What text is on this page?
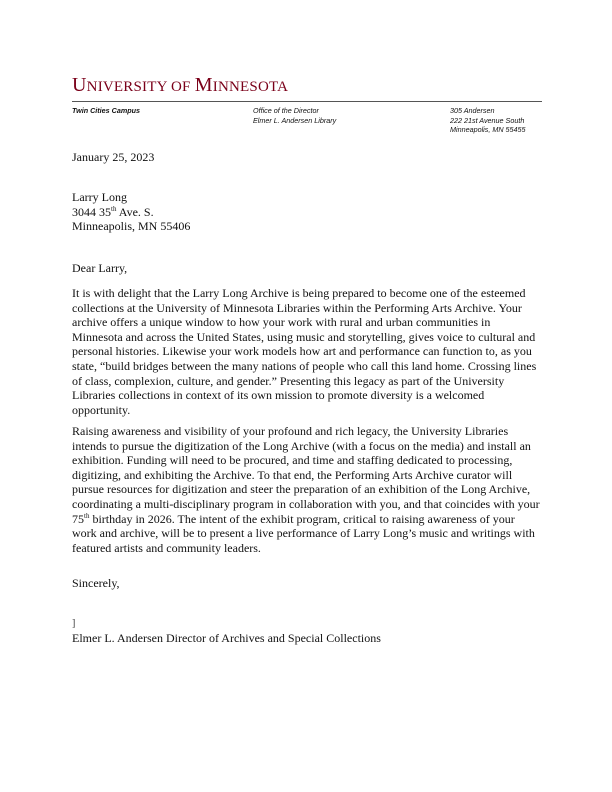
UNIVERSITY OF MINNESOTA
Twin Cities Campus	Office of the Director
Elmer L. Andersen Library
305 Andersen
222 21st Avenue South
Minneapolis, MN 55455
January 25, 2023
Larry Long
3044 35th Ave. S.
Minneapolis, MN 55406
Dear Larry,
It is with delight that the Larry Long Archive is being prepared to become one of the esteemed collections at the University of Minnesota Libraries within the Performing Arts Archive. Your archive offers a unique window to how your work with rural and urban communities in Minnesota and across the United States, using music and storytelling, gives voice to cultural and personal histories. Likewise your work models how art and performance can function to, as you state, “build bridges between the many nations of people who call this land home. Crossing lines of class, complexion, culture, and gender.” Presenting this legacy as part of the University Libraries collections in context of its own mission to promote diversity is a welcomed opportunity.
Raising awareness and visibility of your profound and rich legacy, the University Libraries intends to pursue the digitization of the Long Archive (with a focus on the media) and install an exhibition. Funding will need to be procured, and time and staffing dedicated to processing, digitizing, and exhibiting the Archive. To that end, the Performing Arts Archive curator will pursue resources for digitization and steer the preparation of an exhibition of the Long Archive, coordinating a multi-disciplinary program in collaboration with you, and that coincides with your 75th birthday in 2026. The intent of the exhibit program, critical to raising awareness of your work and archive, will be to present a live performance of Larry Long’s music and writings with featured artists and community leaders.
Sincerely,
]
Elmer L. Andersen Director of Archives and Special Collections
